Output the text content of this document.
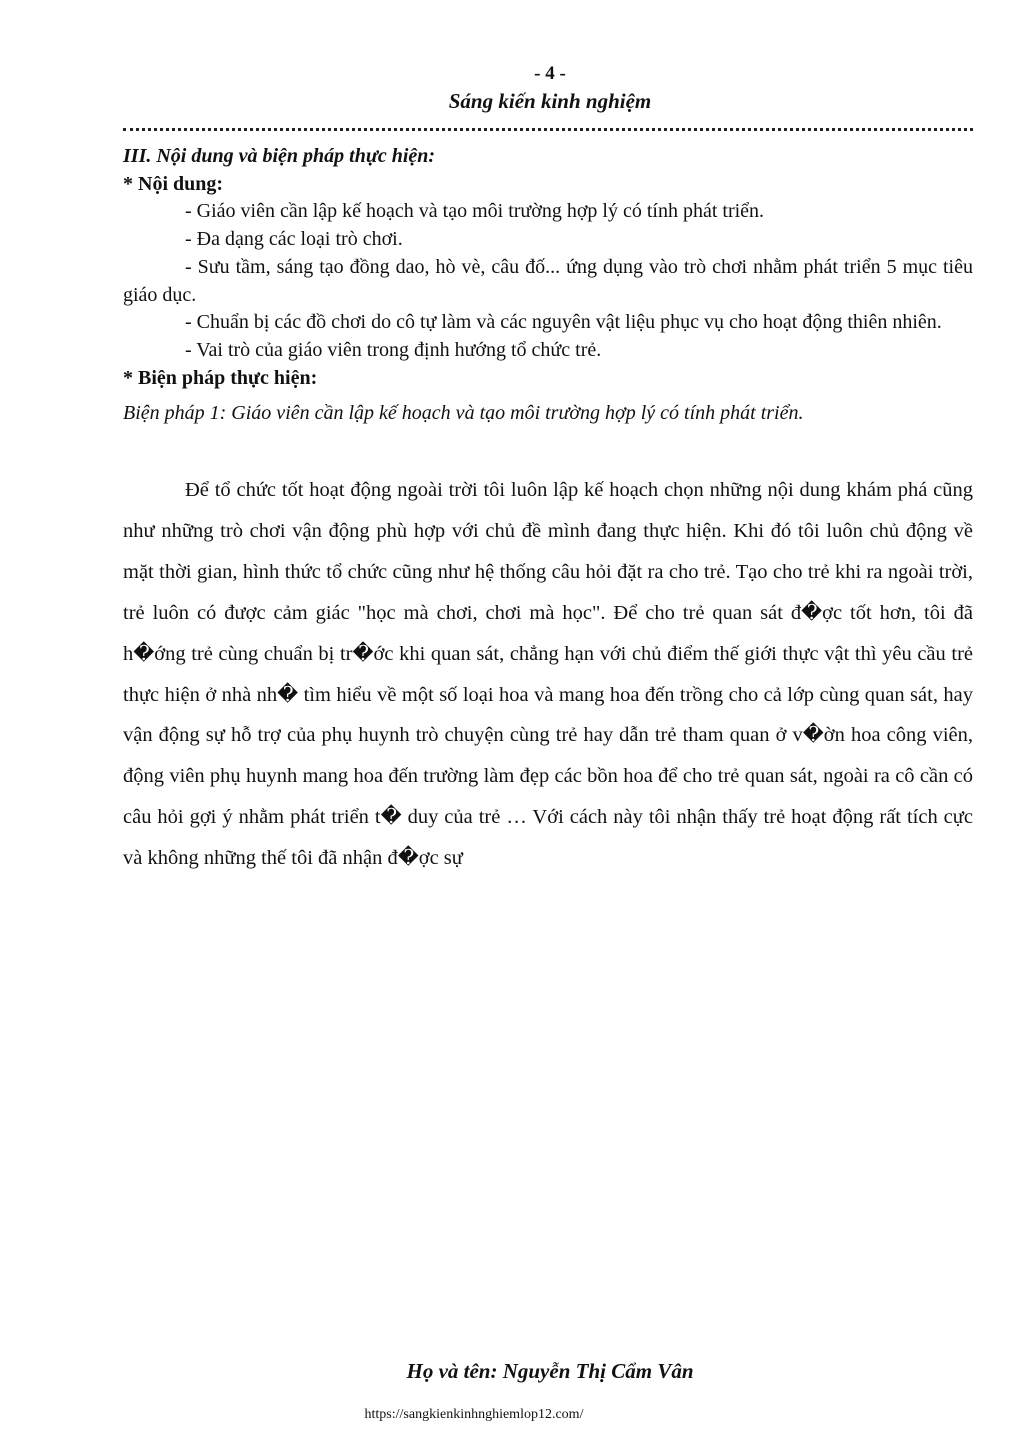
- 4 -
Sáng kiến kinh nghiệm
III. Nội dung và biện pháp thực hiện:
* Nội dung:
- Giáo viên cần lập kế hoạch và tạo môi trường hợp lý có tính phát triển.
- Đa dạng các loại trò chơi.
- Sưu tầm, sáng tạo đồng dao, hò vè, câu đố... ứng dụng vào trò chơi nhằm phát triển 5 mục tiêu giáo dục.
- Chuẩn bị các đồ chơi do cô tự làm và các nguyên vật liệu phục vụ cho hoạt động thiên nhiên.
- Vai trò của giáo viên trong định hướng tổ chức trẻ.
* Biện pháp thực hiện:
Biện pháp 1: Giáo viên cần lập kế hoạch và tạo môi trường hợp lý có tính phát triển.
Để tổ chức tốt hoạt động ngoài trời tôi luôn lập kế hoạch chọn những nội dung khám phá cũng như những trò chơi vận động phù hợp với chủ đề mình đang thực hiện. Khi đó tôi luôn chủ động về mặt thời gian, hình thức tổ chức cũng như hệ thống câu hỏi đặt ra cho trẻ. Tạo cho trẻ khi ra ngoài trời, trẻ luôn có được cảm giác "học mà chơi, chơi mà học". Để cho trẻ quan sát đ�ợc tốt hơn, tôi đã h�ớng trẻ cùng chuẩn bị tr�ớc khi quan sát, chẳng hạn với chủ điểm thế giới thực vật thì yêu cầu trẻ thực hiện ở nhà nh� tìm hiểu về một số loại hoa và mang hoa đến trồng cho cả lớp cùng quan sát, hay vận động sự hỗ trợ của phụ huynh trò chuyện cùng trẻ hay dẫn trẻ tham quan ở v�ờn hoa công viên, động viên phụ huynh mang hoa đến trường làm đẹp các bồn hoa để cho trẻ quan sát, ngoài ra cô cần có câu hỏi gợi ý nhằm phát triển t� duy của trẻ … Với cách này tôi nhận thấy trẻ hoạt động rất tích cực và không những thế tôi đã nhận đ�ợc sự
Họ và tên: Nguyễn Thị Cẩm Vân
https://sangkienkinhnghiemlop12.com/
